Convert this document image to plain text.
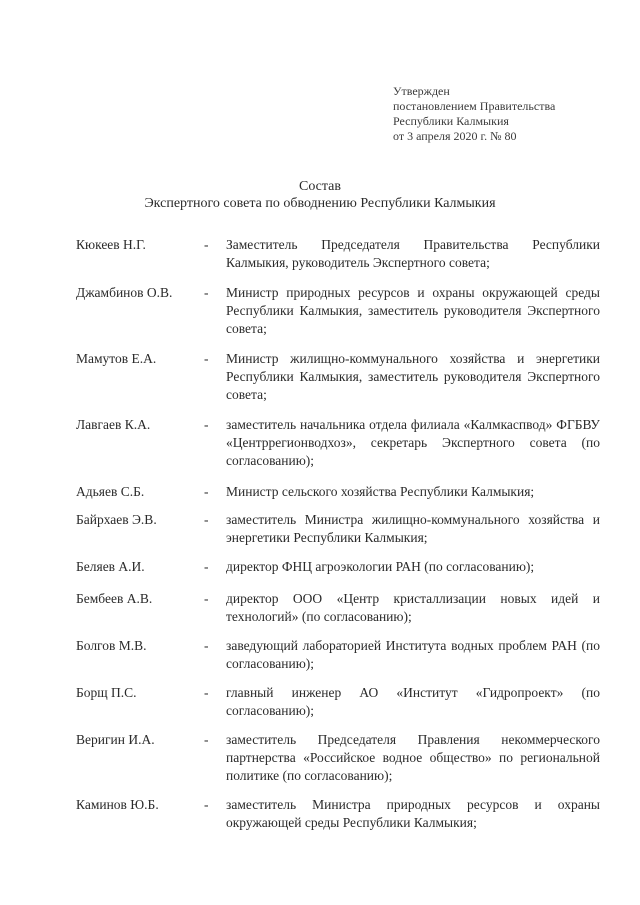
Утвержден
постановлением Правительства
Республики Калмыкия
от 3 апреля 2020 г. № 80
Состав
Экспертного совета по обводнению Республики Калмыкия
Кюкеев Н.Г.	-	Заместитель Председателя Правительства Республики Калмыкия, руководитель Экспертного совета;
Джамбинов О.В.	-	Министр природных ресурсов и охраны окружающей среды Республики Калмыкия, заместитель руководителя Экспертного совета;
Мамутов Е.А.	-	Министр жилищно-коммунального хозяйства и энергетики Республики Калмыкия, заместитель руководителя Экспертного совета;
Лавгаев К.А.	-	заместитель начальника отдела филиала «Калмкаспвод» ФГБВУ «Центррегионводхоз», секретарь Экспертного совета (по согласованию);
Адьяев С.Б.	-	Министр сельского хозяйства Республики Калмыкия;
Байрхаев Э.В.	-	заместитель Министра жилищно-коммунального хозяйства и энергетики Республики Калмыкия;
Беляев А.И.	-	директор ФНЦ агроэкологии РАН (по согласованию);
Бембеев А.В.	-	директор ООО «Центр кристаллизации новых идей и технологий» (по согласованию);
Болгов М.В.	-	заведующий лабораторией Института водных проблем РАН (по согласованию);
Борщ П.С.	-	главный инженер АО «Институт «Гидропроект» (по согласованию);
Веригин И.А.	-	заместитель Председателя Правления некоммерческого партнерства «Российское водное общество» по региональной политике (по согласованию);
Каминов Ю.Б.	-	заместитель Министра природных ресурсов и охраны окружающей среды Республики Калмыкия;
